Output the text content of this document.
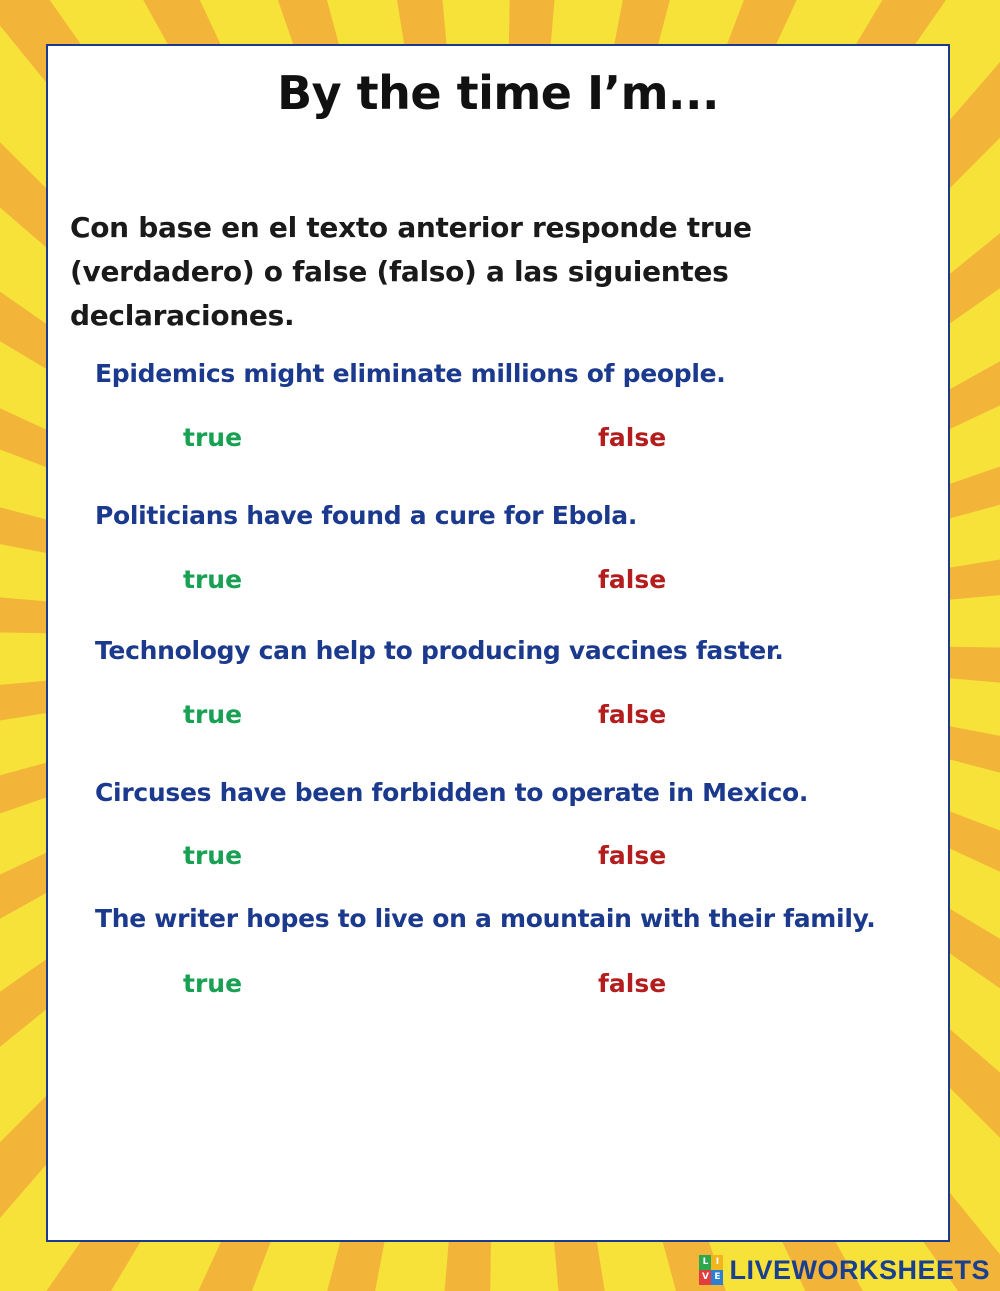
By the time I’m...
Con base en el texto anterior responde true (verdadero) o false (falso) a las siguientes declaraciones.
Epidemics might eliminate millions of people.
true	false
Politicians have found a cure for Ebola.
true	false
Technology can help to producing vaccines faster.
true	false
Circuses have been forbidden to operate in Mexico.
true	false
The writer hopes to live on a mountain with their family.
true	false
L I
V E LIVEWORKSHEETS
